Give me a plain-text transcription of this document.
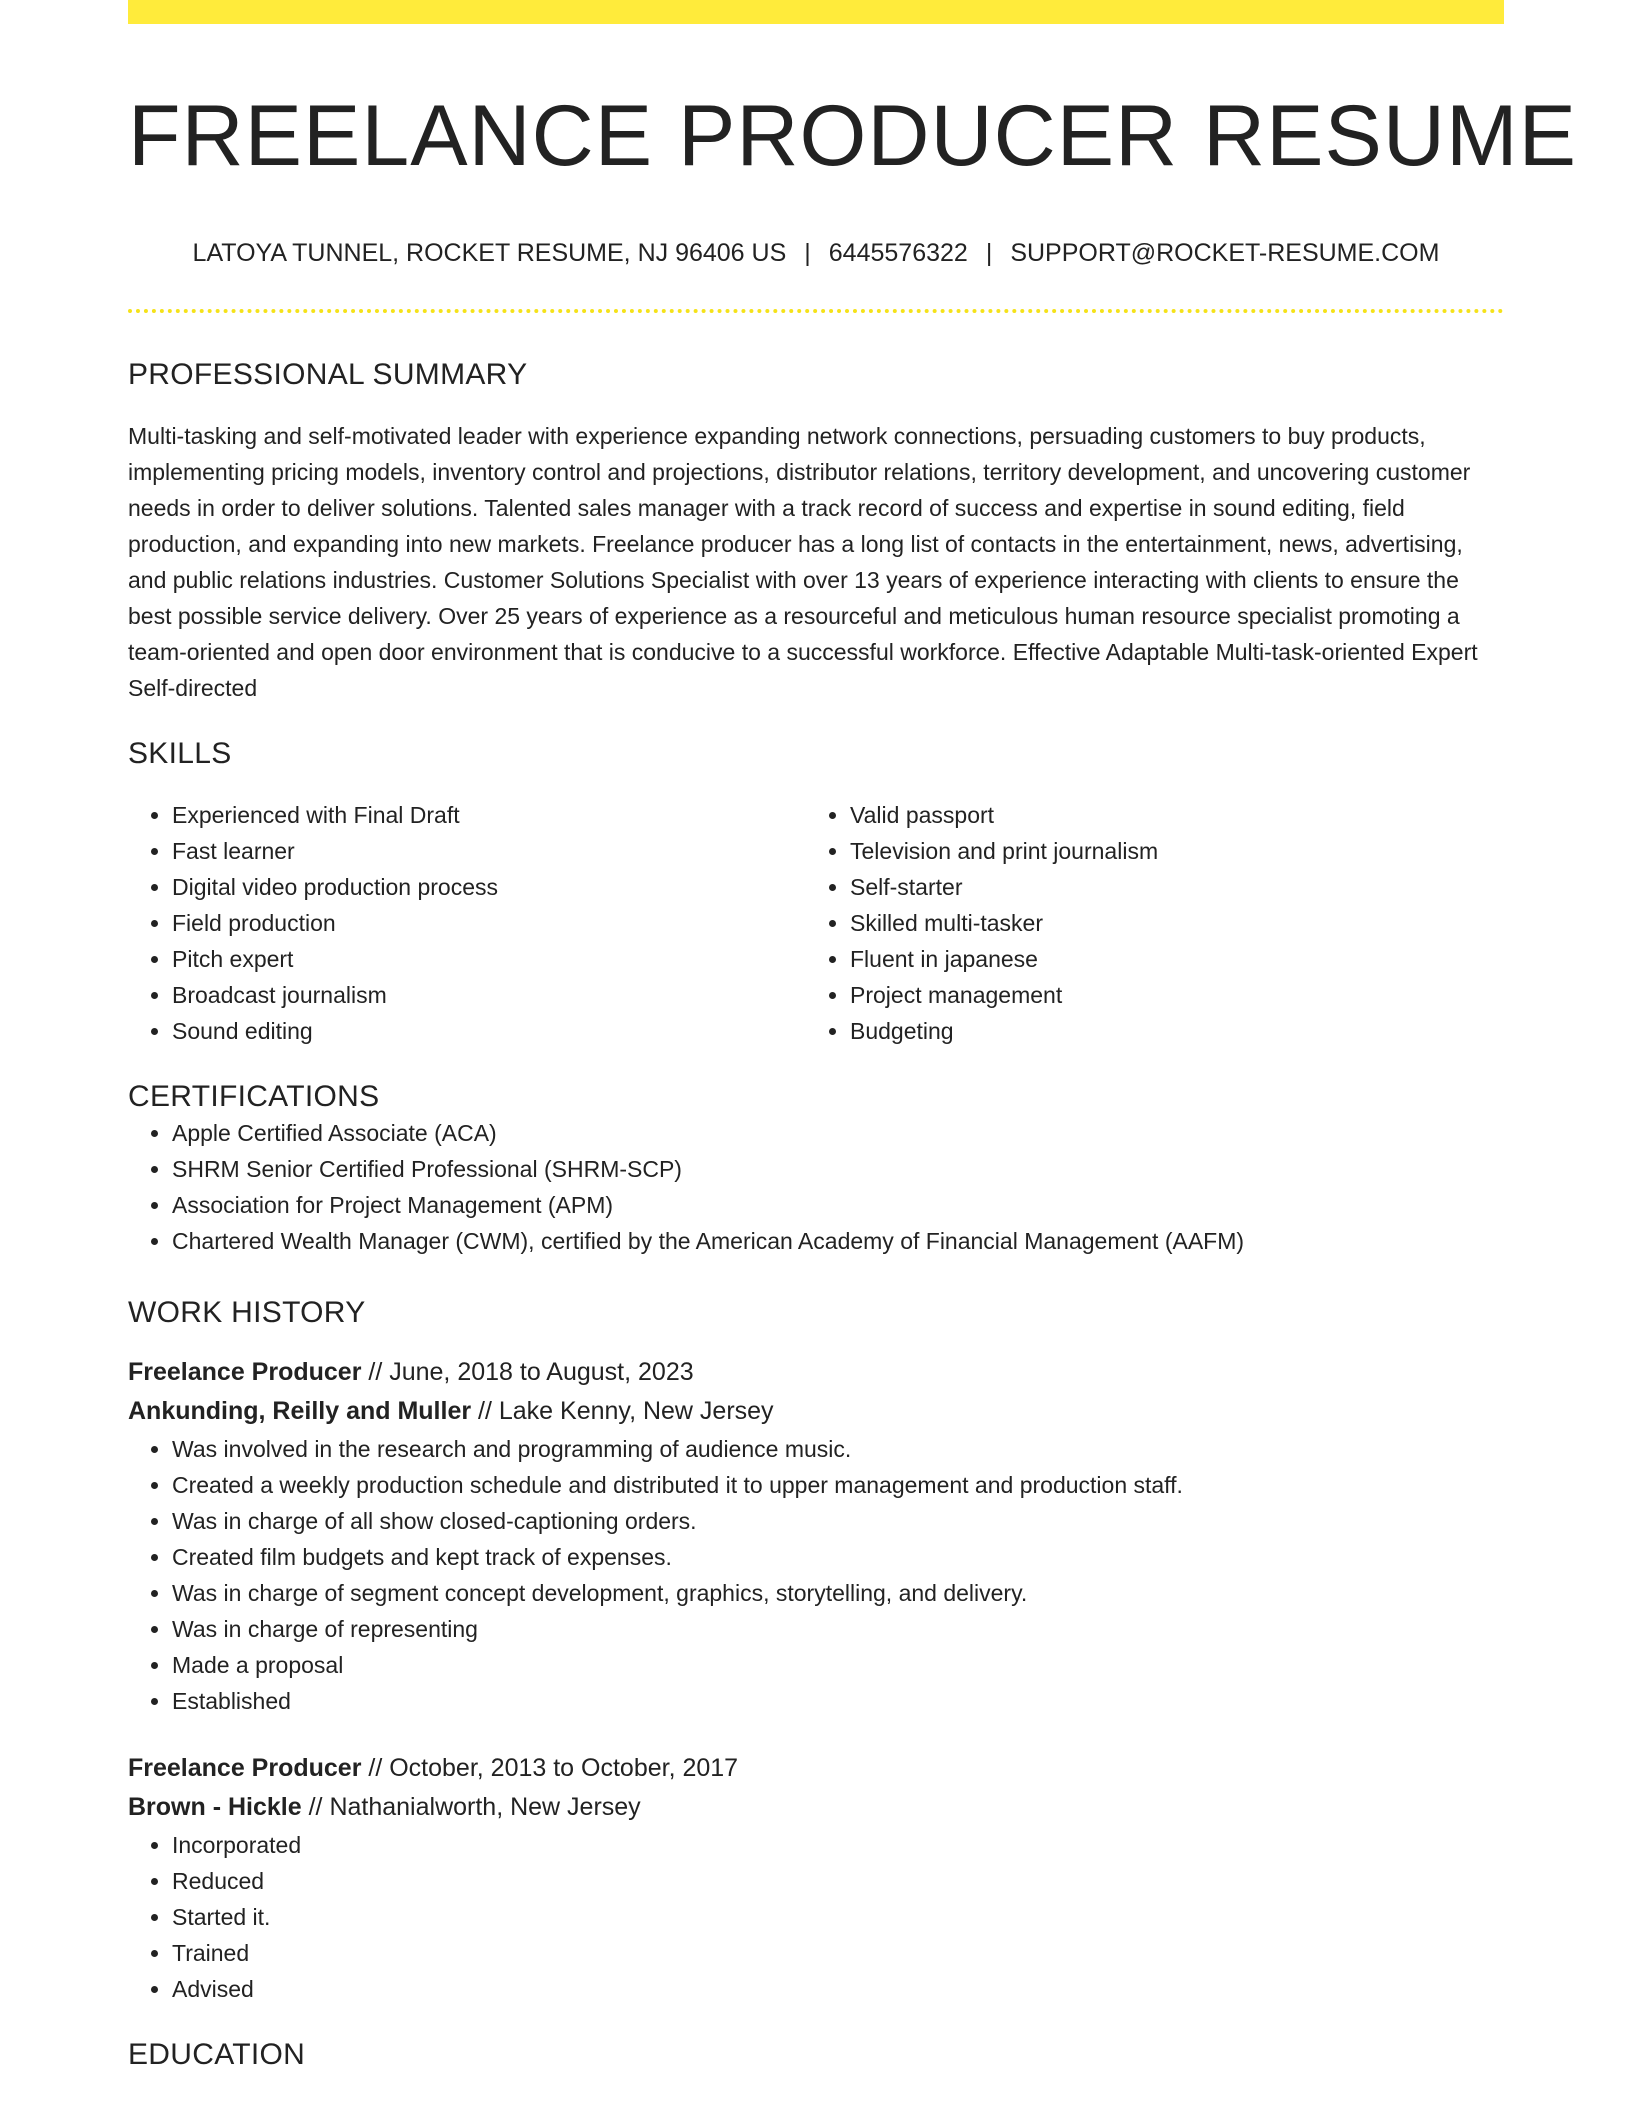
FREELANCE PRODUCER RESUME
LATOYA TUNNEL, ROCKET RESUME, NJ 96406 US | 6445576322 | SUPPORT@ROCKET-RESUME.COM
PROFESSIONAL SUMMARY

Multi-tasking and self-motivated leader with experience expanding network connections, persuading customers to buy products, implementing pricing models, inventory control and projections, distributor relations, territory development, and uncovering customer needs in order to deliver solutions. Talented sales manager with a track record of success and expertise in sound editing, field production, and expanding into new markets. Freelance producer has a long list of contacts in the entertainment, news, advertising, and public relations industries. Customer Solutions Specialist with over 13 years of experience interacting with clients to ensure the best possible service delivery. Over 25 years of experience as a resourceful and meticulous human resource specialist promoting a team-oriented and open door environment that is conducive to a successful workforce. Effective Adaptable Multi-task-oriented Expert Self-directed

SKILLS
• Experienced with Final Draft
• Fast learner
• Digital video production process
• Field production
• Pitch expert
• Broadcast journalism
• Sound editing
• Valid passport
• Television and print journalism
• Self-starter
• Skilled multi-tasker
• Fluent in japanese
• Project management
• Budgeting
CERTIFICATIONS
• Apple Certified Associate (ACA)
• SHRM Senior Certified Professional (SHRM-SCP)
• Association for Project Management (APM)
• Chartered Wealth Manager (CWM), certified by the American Academy of Financial Management (AAFM)
WORK HISTORY
Freelance Producer // June, 2018 to August, 2023
Ankunding, Reilly and Muller // Lake Kenny, New Jersey
• Was involved in the research and programming of audience music.
• Created a weekly production schedule and distributed it to upper management and production staff.
• Was in charge of all show closed-captioning orders.
• Created film budgets and kept track of expenses.
• Was in charge of segment concept development, graphics, storytelling, and delivery.
• Was in charge of representing
• Made a proposal
• Established
Freelance Producer // October, 2013 to October, 2017
Brown - Hickle // Nathanialworth, New Jersey
• Incorporated
• Reduced
• Started it.
• Trained
• Advised
EDUCATION
